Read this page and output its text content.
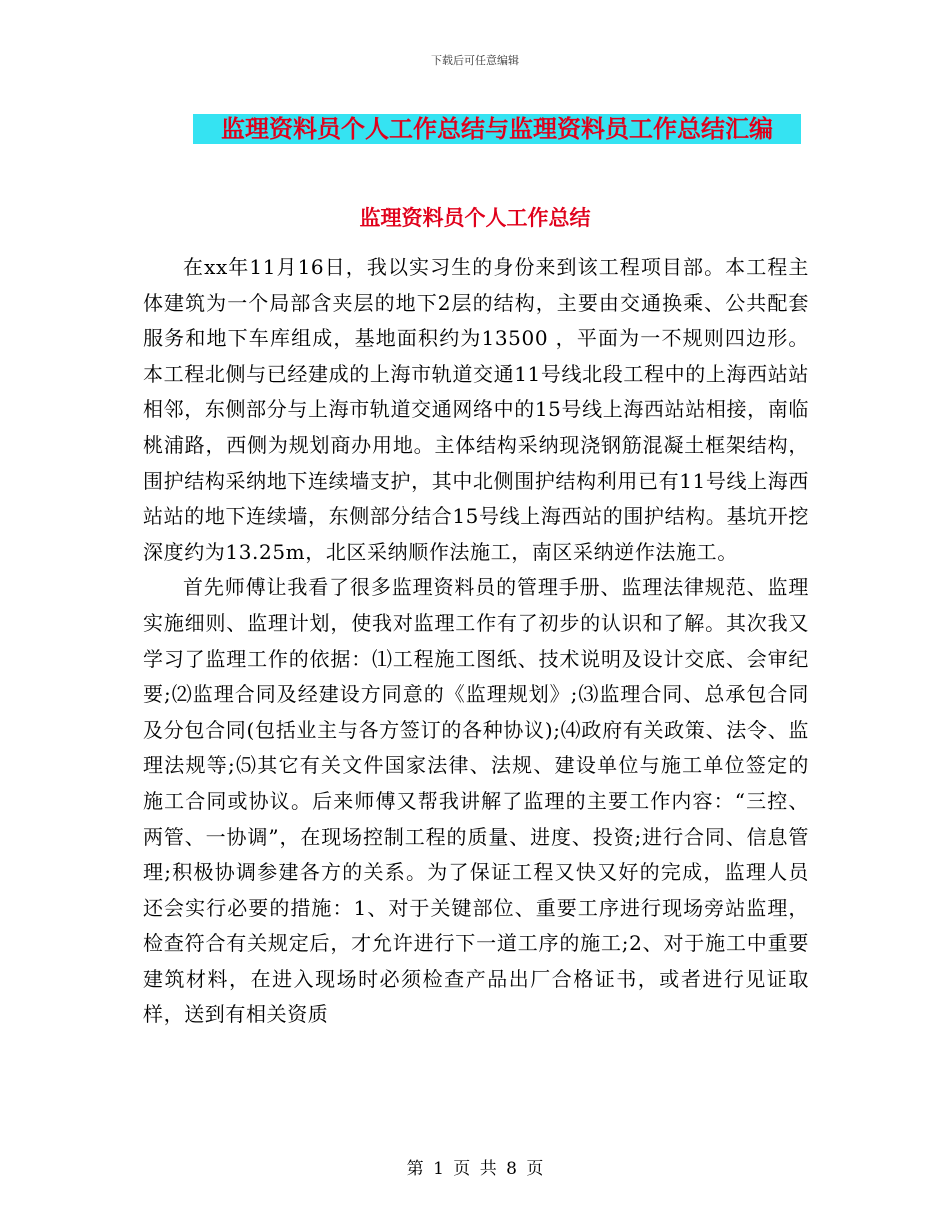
下载后可任意编辑
监理资料员个人工作总结与监理资料员工作总结汇编
监理资料员个人工作总结

在xx年11月16日，我以实习生的身份来到该工程项目部。本工程主体建筑为一个局部含夹层的地下2层的结构，主要由交通换乘、公共配套服务和地下车库组成，基地面积约为13500 ，平面为一不规则四边形。本工程北侧与已经建成的上海市轨道交通11号线北段工程中的上海西站站相邻，东侧部分与上海市轨道交通网络中的15号线上海西站站相接，南临桃浦路，西侧为规划商办用地。主体结构采纳现浇钢筋混凝土框架结构，围护结构采纳地下连续墙支护，其中北侧围护结构利用已有11号线上海西站站的地下连续墙，东侧部分结合15号线上海西站的围护结构。基坑开挖深度约为13.25m，北区采纳顺作法施工，南区采纳逆作法施工。

首先师傅让我看了很多监理资料员的管理手册、监理法律规范、监理实施细则、监理计划，使我对监理工作有了初步的认识和了解。其次我又学习了监理工作的依据：⑴工程施工图纸、技术说明及设计交底、会审纪要;⑵监理合同及经建设方同意的《监理规划》;⑶监理合同、总承包合同及分包合同(包括业主与各方签订的各种协议);⑷政府有关政策、法令、监理法规等;⑸其它有关文件国家法律、法规、建设单位与施工单位签定的施工合同或协议。后来师傅又帮我讲解了监理的主要工作内容：“三控、两管、一协调”，在现场控制工程的质量、进度、投资;进行合同、信息管理;积极协调参建各方的关系。为了保证工程又快又好的完成，监理人员还会实行必要的措施：1、对于关键部位、重要工序进行现场旁站监理，检查符合有关规定后，才允许进行下一道工序的施工;2、对于施工中重要建筑材料，在进入现场时必须检查产品出厂合格证书，或者进行见证取样，送到有相关资质

第 1 页 共 8 页
